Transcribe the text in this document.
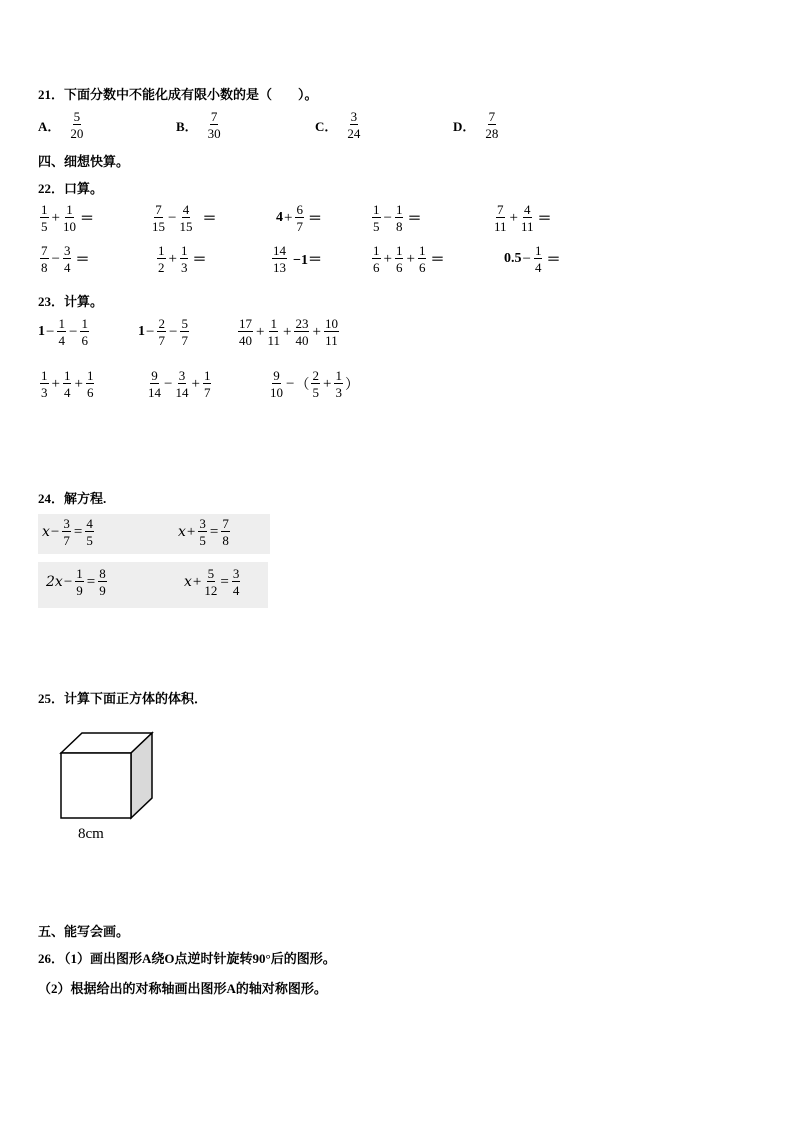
21．下面分数中不能化成有限小数的是（　　）。
A． $\frac{5}{20}$	B． $\frac{7}{30}$	C． $\frac{3}{24}$	D． $\frac{7}{28}$
四、细想快算。
22．口算。
$\frac{1}{5} + \frac{1}{10}$ ＝	$\frac{7}{15} - \frac{4}{15}$ ＝	$4 + \frac{6}{7}$ ＝	$\frac{1}{5} - \frac{1}{8}$ ＝	$\frac{7}{11} + \frac{4}{11}$ ＝
$\frac{7}{8} - \frac{3}{4}$ ＝	$\frac{1}{2} + \frac{1}{3}$ ＝	$\frac{14}{13} -1=$	$\frac{1}{6} + \frac{1}{6} + \frac{1}{6}$ ＝	$0.5 - \frac{1}{4}$ ＝
23．计算。
$1 - \frac{1}{4} - \frac{1}{6}$	$1 - \frac{2}{7} - \frac{5}{7}$	$\frac{17}{40} + \frac{1}{11} + \frac{23}{40} + \frac{10}{11}$
$\frac{1}{3} + \frac{1}{4} + \frac{1}{6}$	$\frac{9}{14} - \frac{3}{14} + \frac{1}{7}$	$\frac{9}{10}$ − （ $\frac{2}{5} + \frac{1}{3}$ ）
24．解方程.
$x - \frac{3}{7} = \frac{4}{5}$	$x + \frac{3}{5} = \frac{7}{8}$
$2x - \frac{1}{9} = \frac{8}{9}$	$x + \frac{5}{12} = \frac{3}{4}$
25．计算下面正方体的体积．
8cm
五、能写会画。
26．（1）画出图形A绕O点逆时针旋转90°后的图形。
（2）根据给出的对称轴画出图形A的轴对称图形。
